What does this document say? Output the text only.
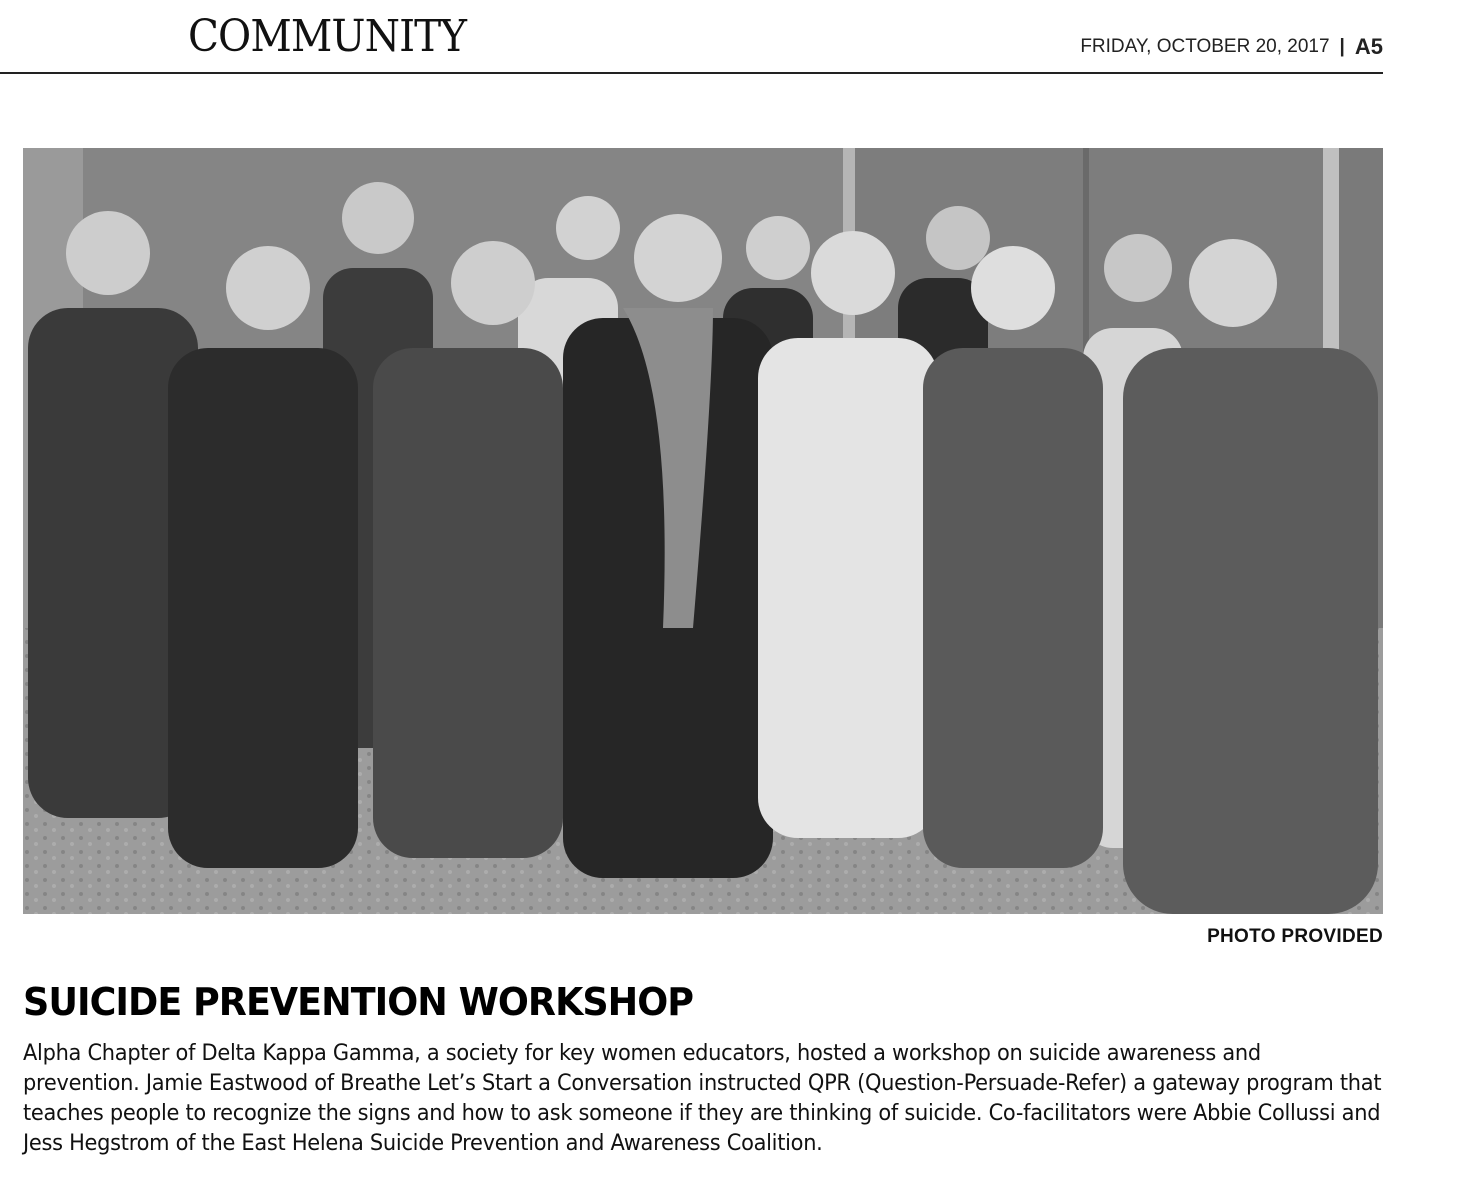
COMMUNITY	FRIDAY, OCTOBER 20, 2017 | A5
PHOTO PROVIDED
SUICIDE PREVENTION WORKSHOP
Alpha Chapter of Delta Kappa Gamma, a society for key women educators, hosted a workshop on suicide awareness and prevention. Jamie Eastwood of Breathe Let’s Start a Conversation instructed QPR (Question-Persuade-Refer) a gateway program that teaches people to recognize the signs and how to ask someone if they are thinking of suicide. Co-facilitators were Abbie Collussi and Jess Hegstrom of the East Helena Suicide Prevention and Awareness Coalition.
